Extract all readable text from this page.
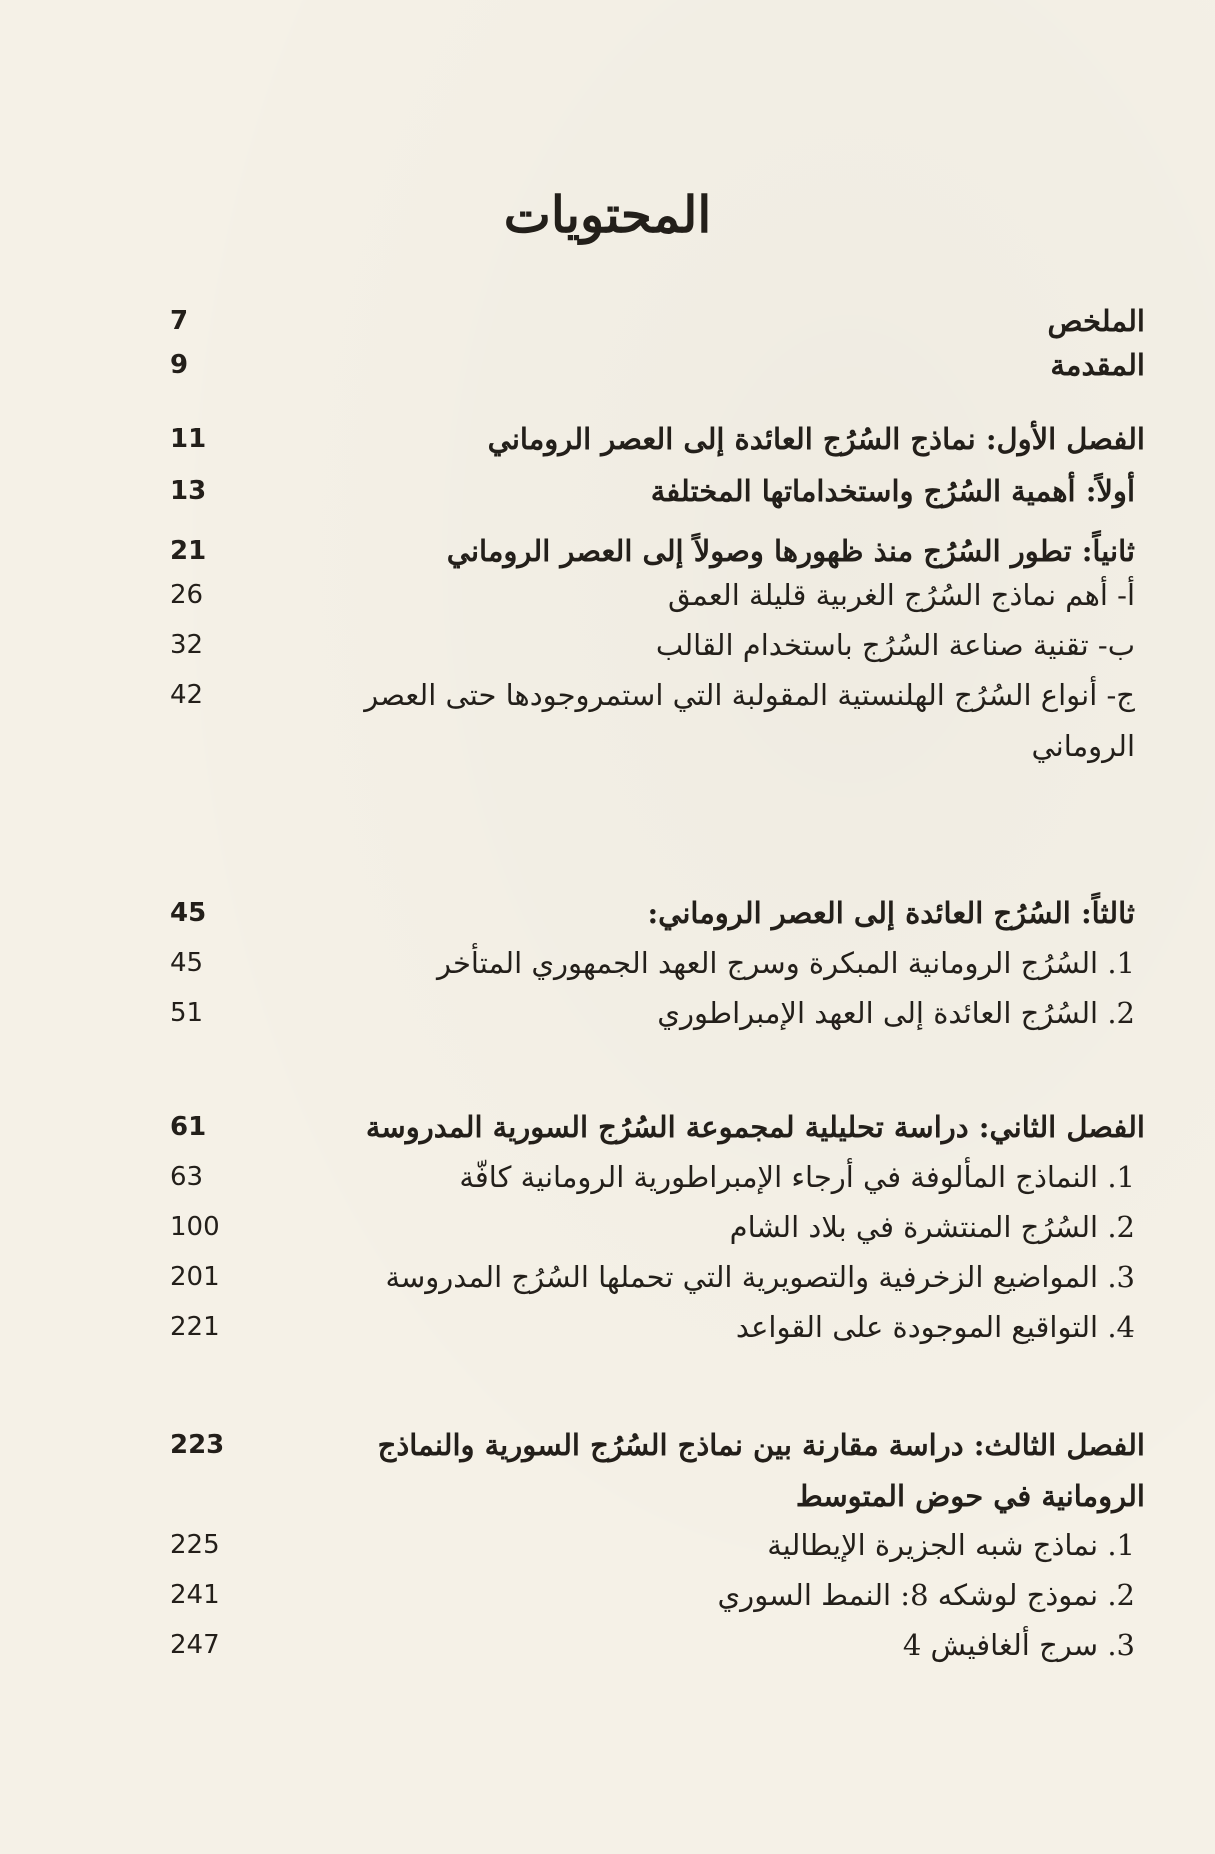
المحتويات
الملخص
7
المقدمة
9
الفصل الأول: نماذج السُرُج العائدة إلى العصر الروماني
11
أولاً: أهمية السُرُج واستخداماتها المختلفة
13
ثانياً: تطور السُرُج منذ ظهورها وصولاً إلى العصر الروماني
21
أ- أهم نماذج السُرُج الغربية قليلة العمق
26
ب- تقنية صناعة السُرُج باستخدام القالب
32
ج- أنواع السُرُج الهلنستية المقولبة التي استمروجودها حتى العصر الروماني
42
ثالثاً: السُرُج العائدة إلى العصر الروماني:
45
1. السُرُج الرومانية المبكرة وسرج العهد الجمهوري المتأخر
45
2. السُرُج العائدة إلى العهد الإمبراطوري
51
الفصل الثاني: دراسة تحليلية لمجموعة السُرُج السورية المدروسة
61
1. النماذج المألوفة في أرجاء الإمبراطورية الرومانية كافّة
63
2. السُرُج المنتشرة في بلاد الشام
100
3. المواضيع الزخرفية والتصويرية التي تحملها السُرُج المدروسة
201
4. التواقيع الموجودة على القواعد
221
الفصل الثالث: دراسة مقارنة بين نماذج السُرُج السورية والنماذج الرومانية في حوض المتوسط
223
1. نماذج شبه الجزيرة الإيطالية
225
2. نموذج لوشكه 8: النمط السوري
241
3. سرج ألغافيش 4
247
